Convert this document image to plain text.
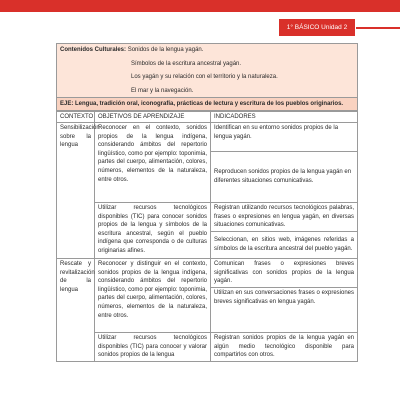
1° BÁSICO Unidad 2
Contenidos Culturales: Sonidos de la lengua yagán.
Símbolos de la escritura ancestral yagán.
Los yagán y su relación con el territorio y la naturaleza.
El mar y la navegación.
EJE: Lengua, tradición oral, iconografía, prácticas de lectura y escritura de los pueblos originarios.
CONTEXTO	OBJETIVOS DE APRENDIZAJE	INDICADORES
Sensibilización sobre la lengua	Reconocer en el contexto, sonidos propios de la lengua indígena, considerando ámbitos del repertorio lingüístico, como por ejemplo: toponimia, partes del cuerpo, alimentación, colores, números, elementos de la naturaleza, entre otros.	Identifican en su entorno sonidos propios de la lengua yagán.
		Reproducen sonidos propios de la lengua yagán en diferentes situaciones comunicativas.
	Utilizar recursos tecnológicos disponibles (TIC) para conocer sonidos propios de la lengua y símbolos de la escritura ancestral, según el pueblo indígena que corresponda o de culturas originarias afines.	Registran utilizando recursos tecnológicos palabras, frases o expresiones en lengua yagán, en diversas situaciones comunicativas.
		Seleccionan, en sitios web, imágenes referidas a símbolos de la escritura ancestral del pueblo yagán.
Rescate y revitalización de la lengua	Reconocer y distinguir en el contexto, sonidos propios de la lengua indígena, considerando ámbitos del repertorio lingüístico, como por ejemplo: toponimia, partes del cuerpo, alimentación, colores, números, elementos de la naturaleza, entre otros.	Comunican frases o expresiones breves significativas con sonidos propios de la lengua yagán.
		Utilizan en sus conversaciones frases o expresiones breves significativas en lengua yagán.
	Utilizar recursos tecnológicos disponibles (TIC) para conocer y valorar sonidos propios de la lengua	Registran sonidos propios de la lengua yagán en algún medio tecnológico disponible para compartirlos con otros.
